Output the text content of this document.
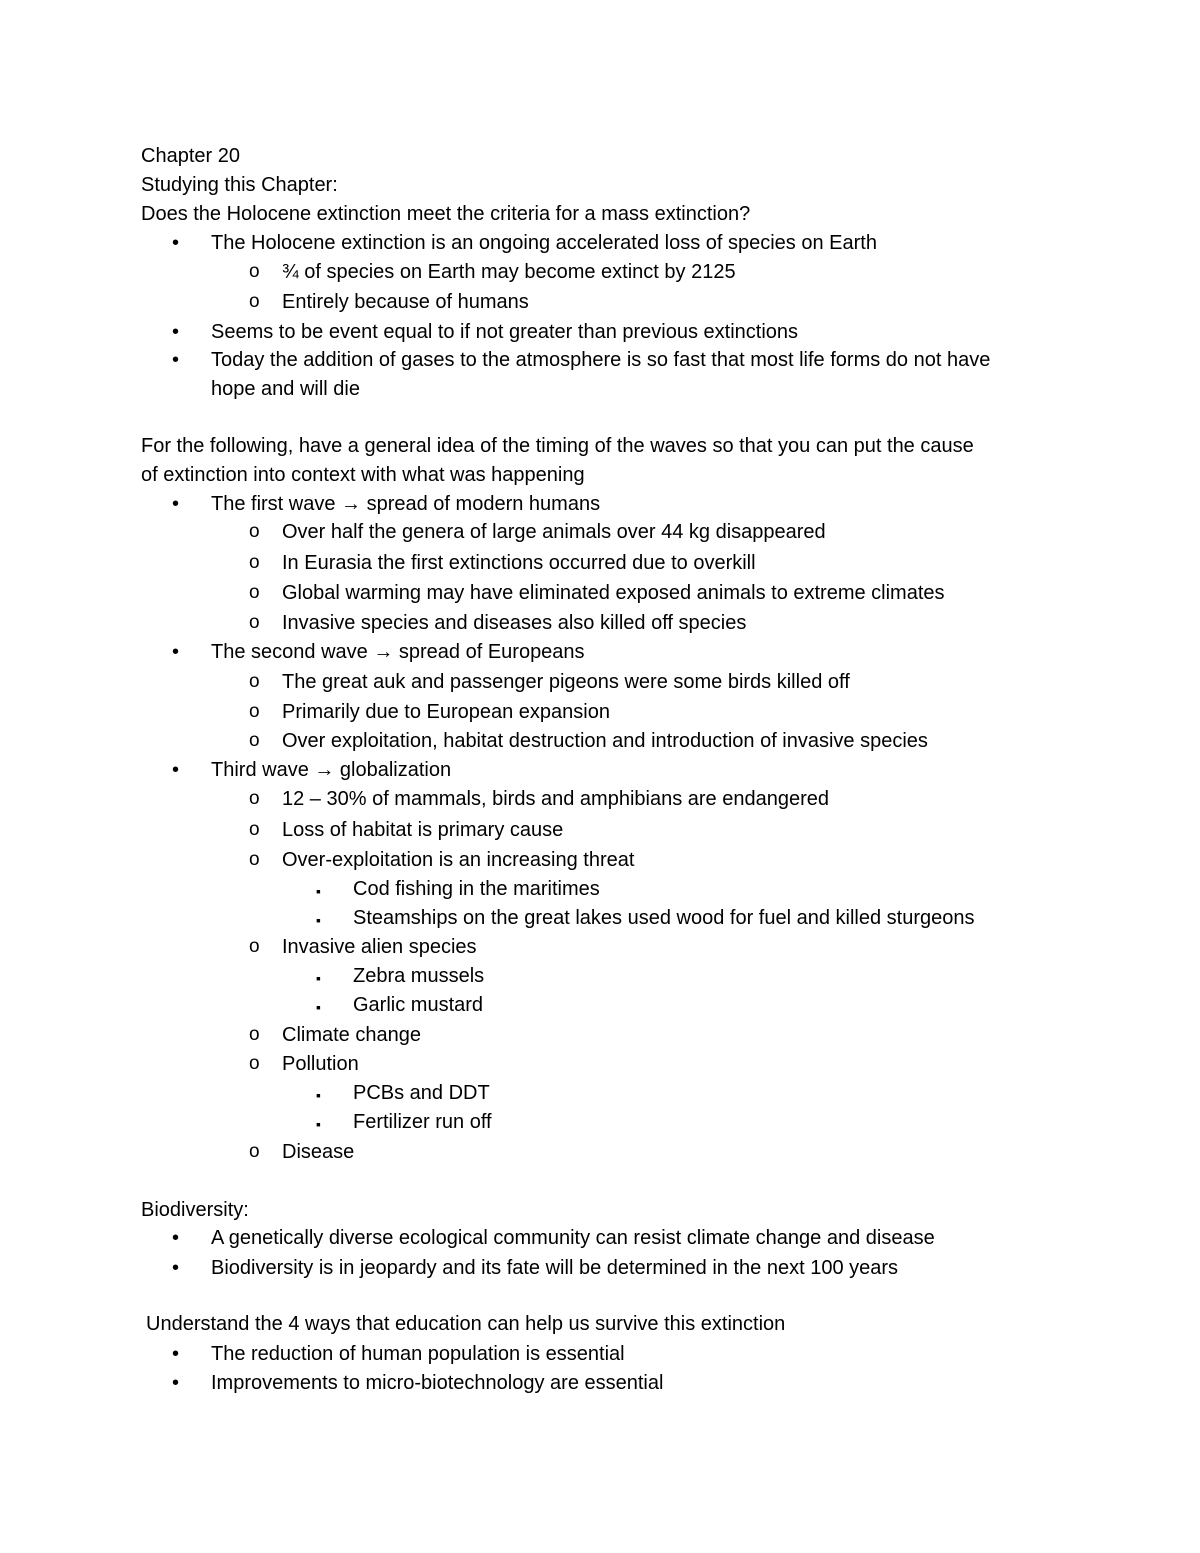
Chapter 20
Studying this Chapter:
Does the Holocene extinction meet the criteria for a mass extinction?
• The Holocene extinction is an ongoing accelerated loss of species on Earth
o ¾ of species on Earth may become extinct by 2125
o Entirely because of humans
• Seems to be event equal to if not greater than previous extinctions
• Today the addition of gases to the atmosphere is so fast that most life forms do not have
hope and will die
For the following, have a general idea of the timing of the waves so that you can put the cause
of extinction into context with what was happening
• The first wave → spread of modern humans
o Over half the genera of large animals over 44 kg disappeared
o In Eurasia the first extinctions occurred due to overkill
o Global warming may have eliminated exposed animals to extreme climates
o Invasive species and diseases also killed off species
• The second wave → spread of Europeans
o The great auk and passenger pigeons were some birds killed off
o Primarily due to European expansion
o Over exploitation, habitat destruction and introduction of invasive species
• Third wave → globalization
o 12 – 30% of mammals, birds and amphibians are endangered
o Loss of habitat is primary cause
o Over-exploitation is an increasing threat
▪ Cod fishing in the maritimes
▪ Steamships on the great lakes used wood for fuel and killed sturgeons
o Invasive alien species
▪ Zebra mussels
▪ Garlic mustard
o Climate change
o Pollution
▪ PCBs and DDT
▪ Fertilizer run off
o Disease
Biodiversity:
• A genetically diverse ecological community can resist climate change and disease
• Biodiversity is in jeopardy and its fate will be determined in the next 100 years
Understand the 4 ways that education can help us survive this extinction
• The reduction of human population is essential
• Improvements to micro-biotechnology are essential
